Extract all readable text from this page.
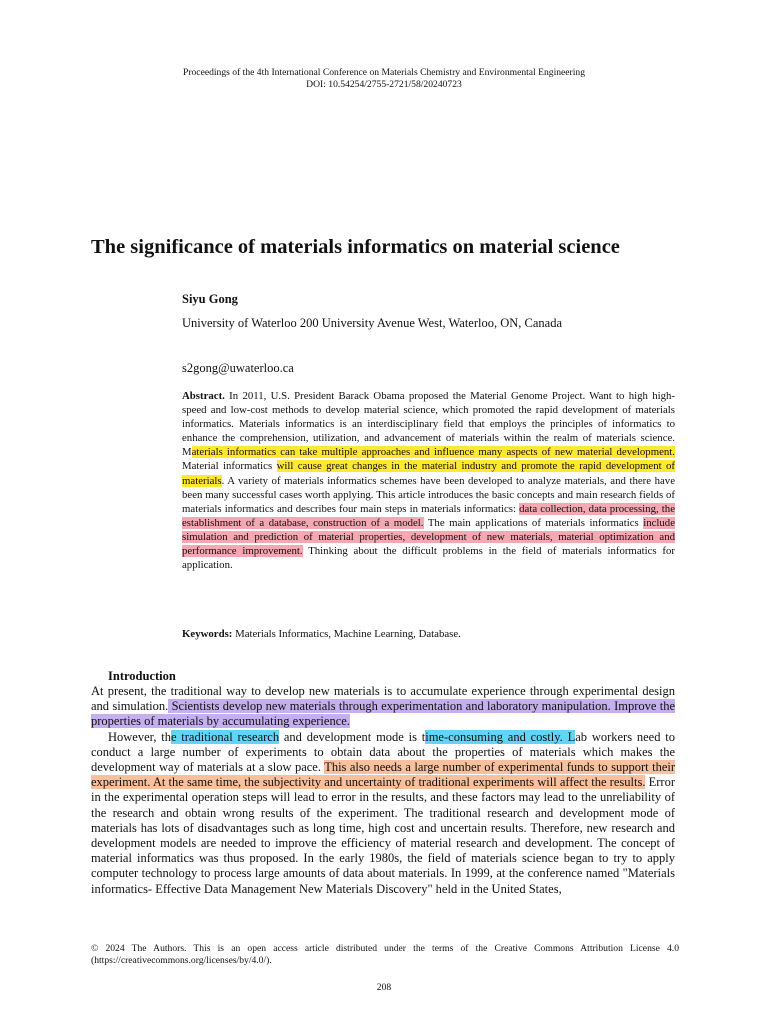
Proceedings of the 4th International Conference on Materials Chemistry and Environmental Engineering
DOI: 10.54254/2755-2721/58/20240723
The significance of materials informatics on material science
Siyu Gong
University of Waterloo 200 University Avenue West, Waterloo, ON, Canada
s2gong@uwaterloo.ca
Abstract. In 2011, U.S. President Barack Obama proposed the Material Genome Project. Want to high high-speed and low-cost methods to develop material science, which promoted the rapid development of materials informatics. Materials informatics is an interdisciplinary field that employs the principles of informatics to enhance the comprehension, utilization, and advancement of materials within the realm of materials science. Materials informatics can take multiple approaches and influence many aspects of new material development. Material informatics will cause great changes in the material industry and promote the rapid development of materials. A variety of materials informatics schemes have been developed to analyze materials, and there have been many successful cases worth applying. This article introduces the basic concepts and main research fields of materials informatics and describes four main steps in materials informatics: data collection, data processing, the establishment of a database, construction of a model. The main applications of materials informatics include simulation and prediction of material properties, development of new materials, material optimization and performance improvement. Thinking about the difficult problems in the field of materials informatics for application.
Keywords: Materials Informatics, Machine Learning, Database.
Introduction

At present, the traditional way to develop new materials is to accumulate experience through experimental design and simulation. Scientists develop new materials through experimentation and laboratory manipulation. Improve the properties of materials by accumulating experience.

However, the traditional research and development mode is time-consuming and costly. Lab workers need to conduct a large number of experiments to obtain data about the properties of materials which makes the development way of materials at a slow pace. This also needs a large number of experimental funds to support their experiment. At the same time, the subjectivity and uncertainty of traditional experiments will affect the results. Error in the experimental operation steps will lead to error in the results, and these factors may lead to the unreliability of the research and obtain wrong results of the experiment. The traditional research and development mode of materials has lots of disadvantages such as long time, high cost and uncertain results. Therefore, new research and development models are needed to improve the efficiency of material research and development. The concept of material informatics was thus proposed. In the early 1980s, the field of materials science began to try to apply computer technology to process large amounts of data about materials. In 1999, at the conference named "Materials informatics- Effective Data Management New Materials Discovery" held in the United States,

© 2024 The Authors. This is an open access article distributed under the terms of the Creative Commons Attribution License 4.0 (https://creativecommons.org/licenses/by/4.0/).
208
